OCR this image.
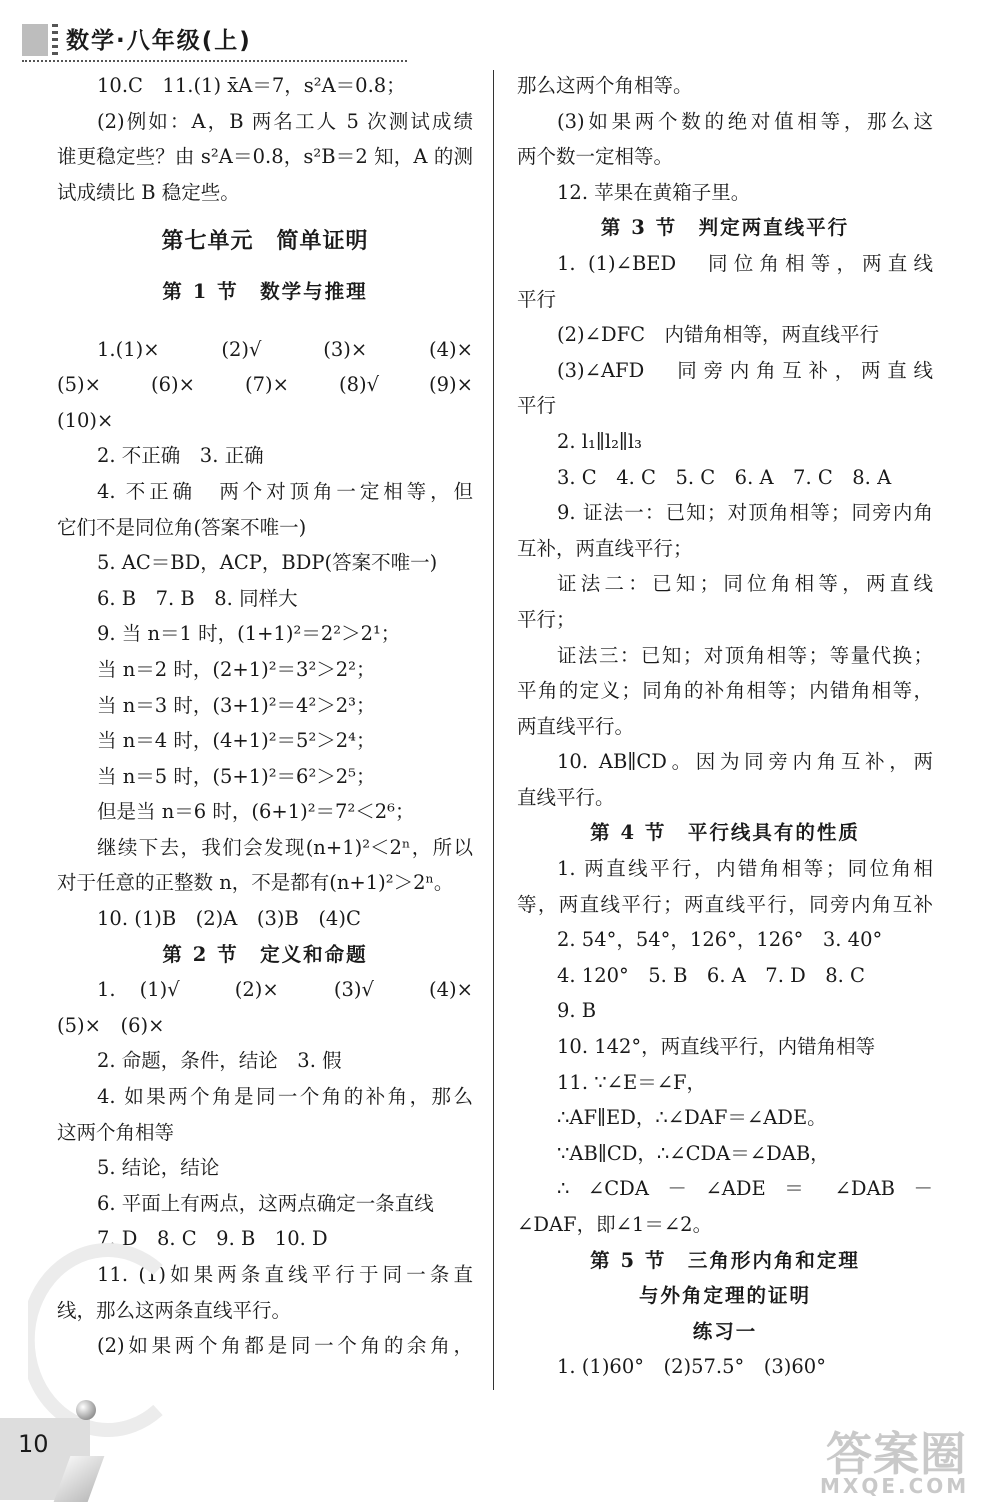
数学·八年级(上)
10.C　11.(1) x̄A＝7，s²A＝0.8；
(2)例如：A，B 两名工人 5 次测试成绩
谁更稳定些？由 s²A＝0.8，s²B＝2 知，A 的测
试成绩比 B 稳定些。
第七单元　简单证明
第 1 节　数学与推理
1.(1)×　(2)√　(3)×　(4)×
(5)×　(6)×　(7)×　(8)√　(9)×
(10)×
2. 不正确　3. 正确
4. 不正确　两个对顶角一定相等，但
它们不是同位角(答案不唯一)
5. AC＝BD，ACP，BDP(答案不唯一)
6. B　7. B　8. 同样大
9. 当 n＝1 时，(1+1)²＝2²＞2¹；
当 n＝2 时，(2+1)²＝3²＞2²；
当 n＝3 时，(3+1)²＝4²＞2³；
当 n＝4 时，(4+1)²＝5²＞2⁴；
当 n＝5 时，(5+1)²＝6²＞2⁵；
但是当 n＝6 时，(6+1)²＝7²＜2⁶；
继续下去，我们会发现(n+1)²＜2ⁿ，所以
对于任意的正整数 n，不是都有(n+1)²＞2ⁿ。
10. (1)B　(2)A　(3)B　(4)C
第 2 节　定义和命题
1. (1)√　(2)×　(3)√　(4)×
(5)×　(6)×
2. 命题，条件，结论　3. 假
4. 如果两个角是同一个角的补角，那么
这两个角相等
5. 结论，结论
6. 平面上有两点，这两点确定一条直线
7. D　8. C　9. B　10. D
11. (1)如果两条直线平行于同一条直
线，那么这两条直线平行。
(2)如果两个角都是同一个角的余角，
那么这两个角相等。
(3)如果两个数的绝对值相等，那么这
两个数一定相等。
12. 苹果在黄箱子里。
第 3 节　判定两直线平行
1. (1)∠BED　同位角相等，两直线
平行
(2)∠DFC　内错角相等，两直线平行
(3)∠AFD　同旁内角互补，两直线
平行
2. l₁∥l₂∥l₃
3. C　4. C　5. C　6. A　7. C　8. A
9. 证法一：已知；对顶角相等；同旁内角
互补，两直线平行；
证法二：已知；同位角相等，两直线
平行；
证法三：已知；对顶角相等；等量代换；
平角的定义；同角的补角相等；内错角相等，
两直线平行。
10. AB∥CD。因为同旁内角互补，两
直线平行。
第 4 节　平行线具有的性质
1. 两直线平行，内错角相等；同位角相
等，两直线平行；两直线平行，同旁内角互补
2. 54°，54°，126°，126°　3. 40°
4. 120°　5. B　6. A　7. D　8. C
9. B
10. 142°，两直线平行，内错角相等
11. ∵∠E＝∠F，
∴AF∥ED，∴∠DAF＝∠ADE。
∵AB∥CD，∴∠CDA＝∠DAB，
∴ ∠CDA － ∠ADE ＝ ∠DAB －
∠DAF，即∠1＝∠2。
第 5 节　三角形内角和定理
与外角定理的证明
练习一
1. (1)60°　(2)57.5°　(3)60°
10	答案圈
MXQE.COM
